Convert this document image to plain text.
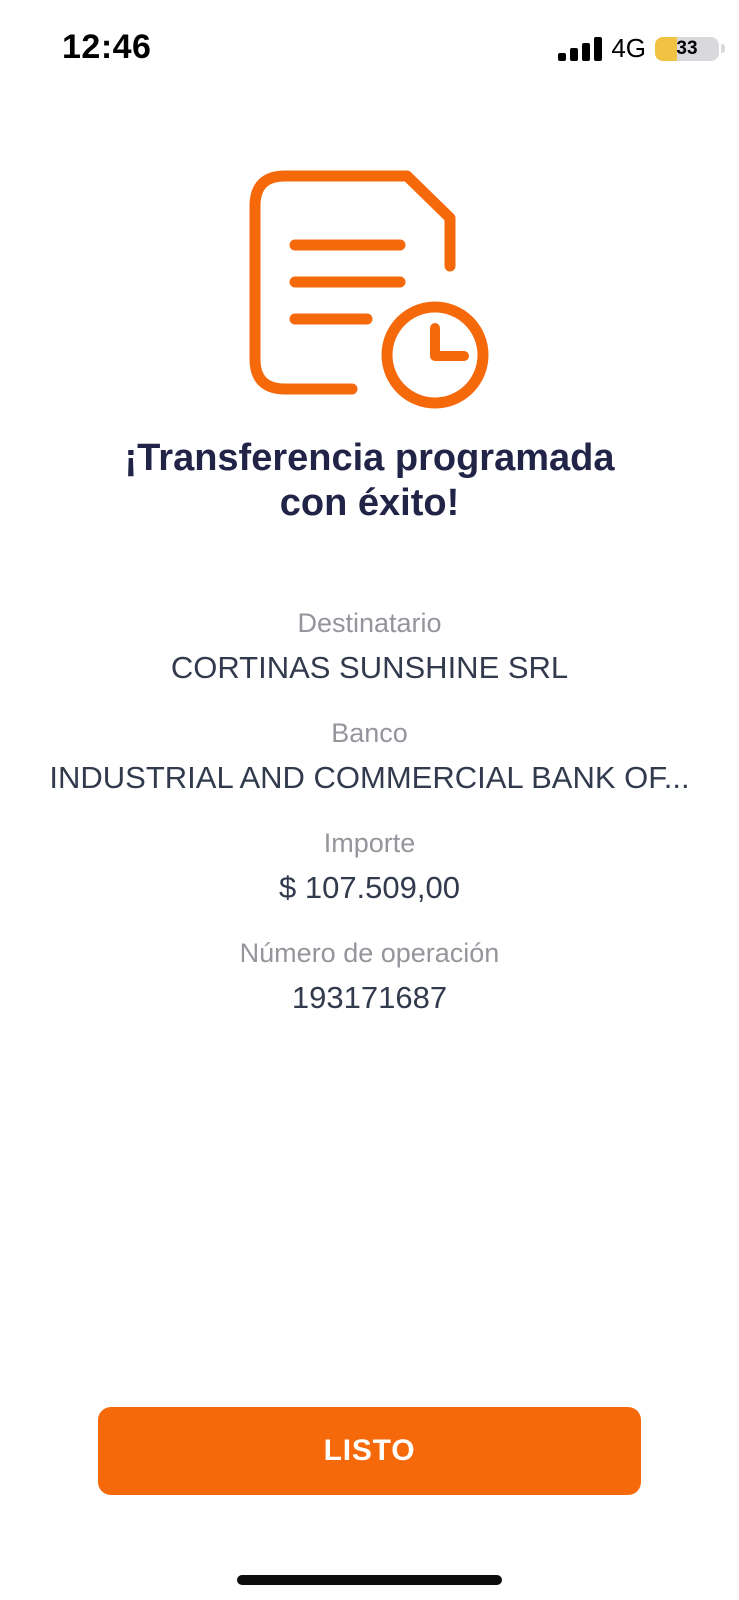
12:46	4G	33

¡Transferencia programada con éxito!

Destinatario
CORTINAS SUNSHINE SRL
Banco
INDUSTRIAL AND COMMERCIAL BANK OF...
Importe
$ 107.509,00
Número de operación
193171687
LISTO
